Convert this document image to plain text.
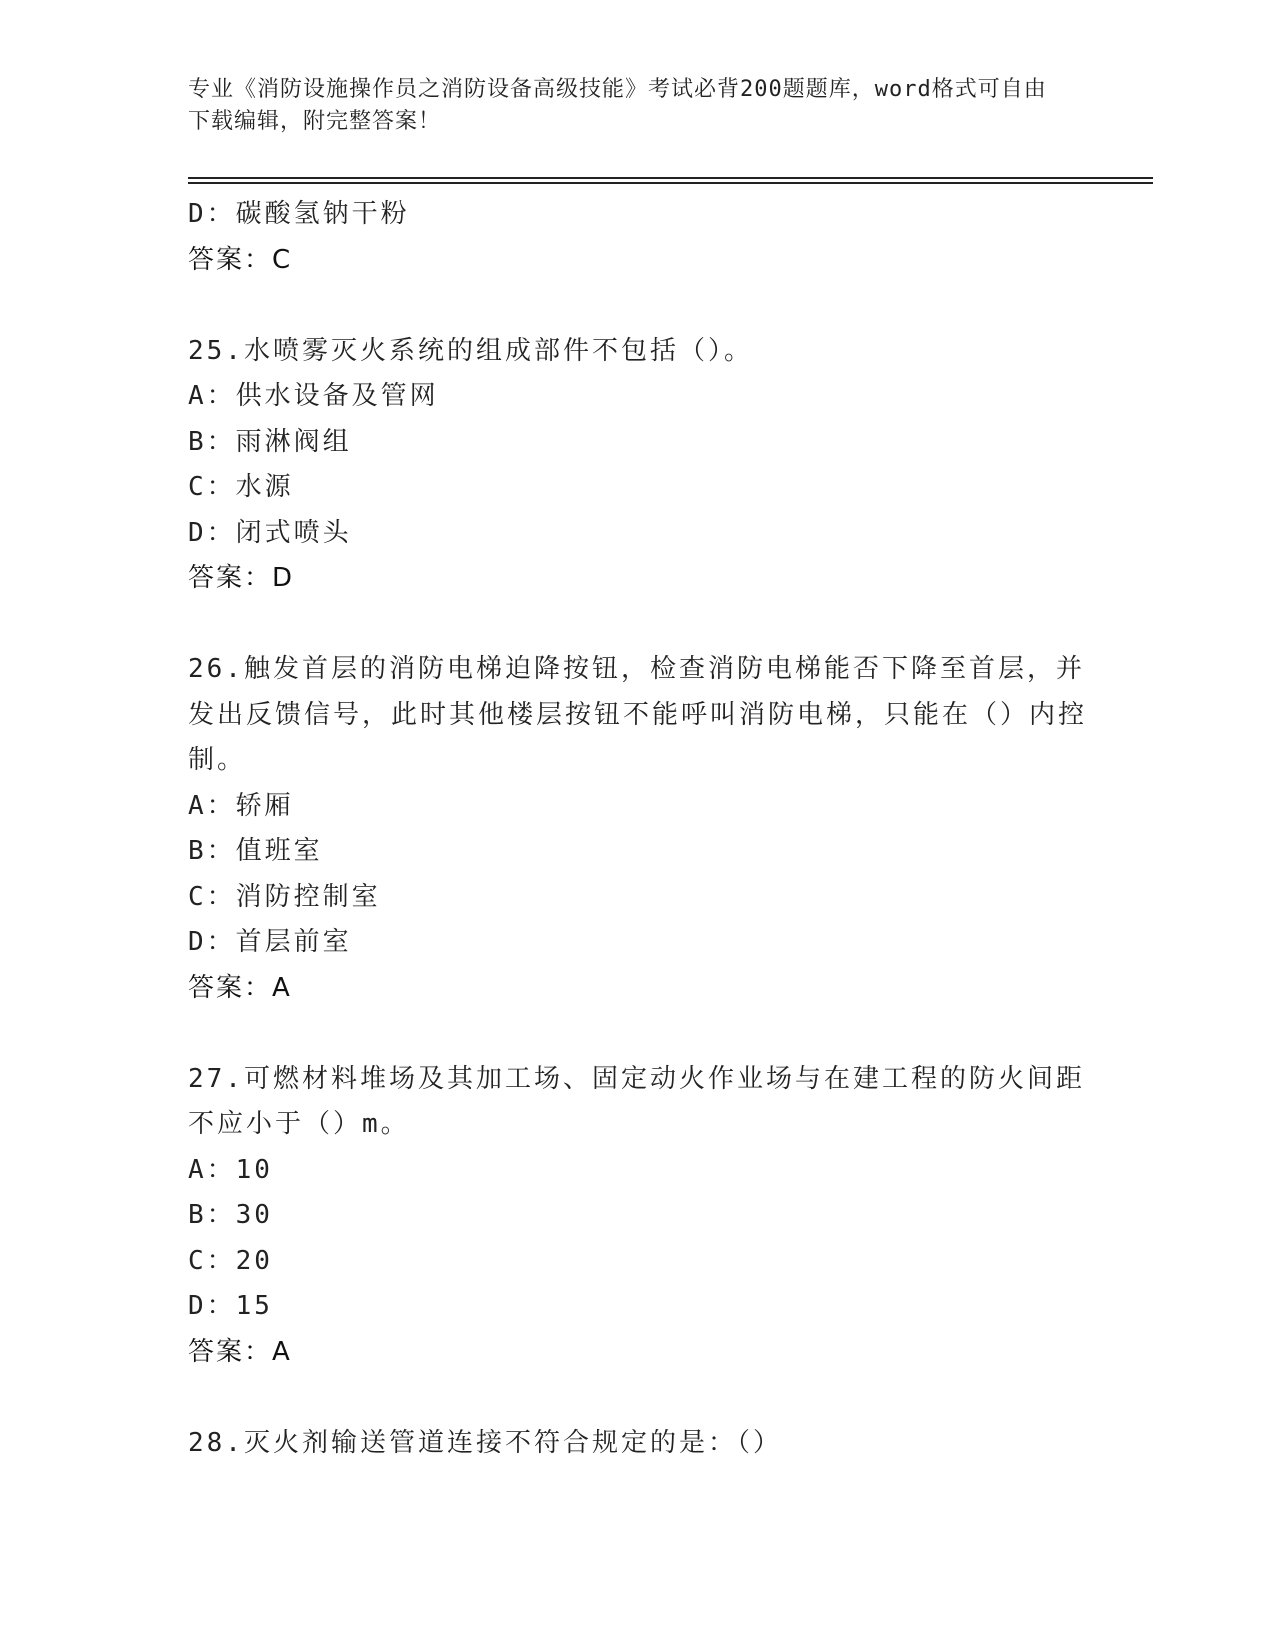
专业《消防设施操作员之消防设备高级技能》考试必背200题题库，word格式可自由下载编辑，附完整答案！
D：碳酸氢钠干粉
答案：C
25.水喷雾灭火系统的组成部件不包括（）。
A：供水设备及管网
B：雨淋阀组
C：水源
D：闭式喷头
答案：D
26.触发首层的消防电梯迫降按钮，检查消防电梯能否下降至首层，并发出反馈信号，此时其他楼层按钮不能呼叫消防电梯，只能在（）内控制。
A：轿厢
B：值班室
C：消防控制室
D：首层前室
答案：A
27.可燃材料堆场及其加工场、固定动火作业场与在建工程的防火间距不应小于（）m。
A：10
B：30
C：20
D：15
答案：A
28.灭火剂输送管道连接不符合规定的是：（）
